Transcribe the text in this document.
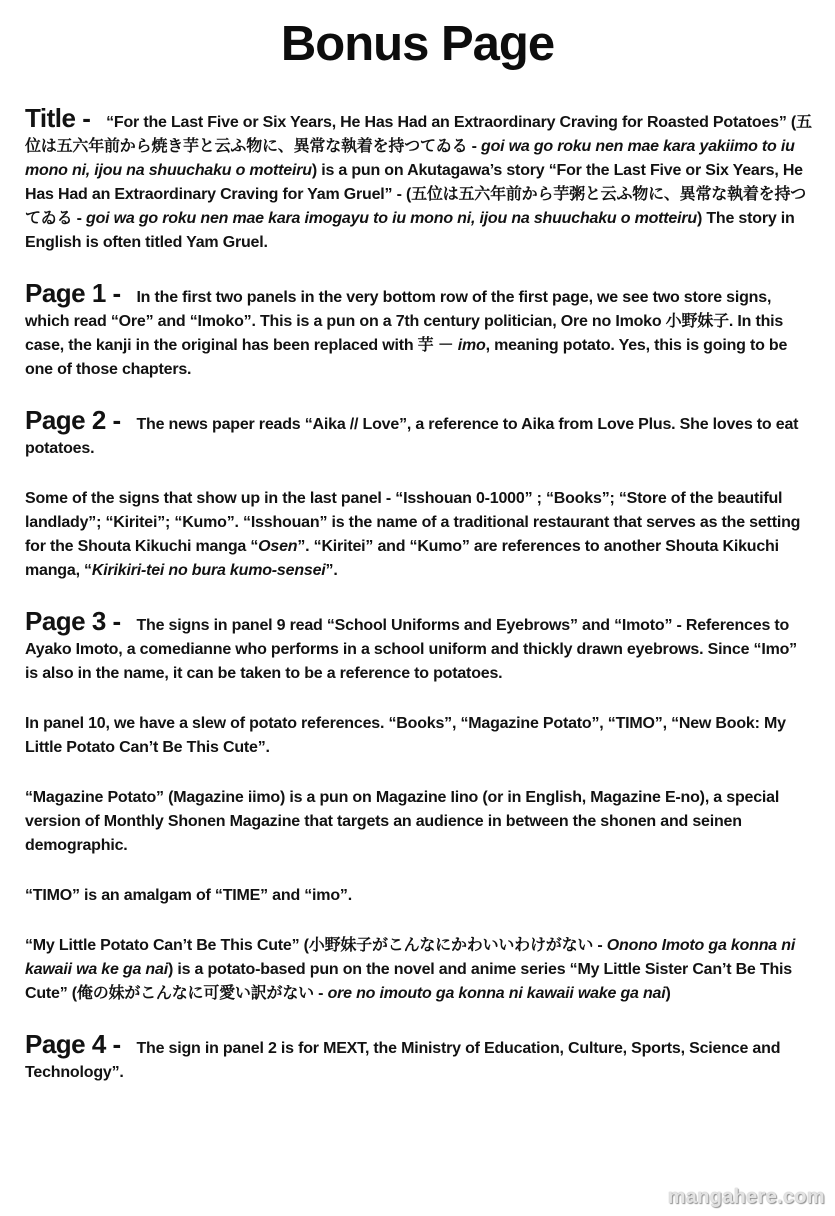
Bonus Page

Title - “For the Last Five or Six Years, He Has Had an Extraordinary Craving for Roasted Potatoes” (五位は五六年前から焼き芋と云ふ物に、異常な執着を持つてゐる - goi wa go roku nen mae kara yakiimo to iu mono ni, ijou na shuuchaku o motteiru) is a pun on Akutagawa’s story “For the Last Five or Six Years, He Has Had an Extraordinary Craving for Yam Gruel” - (五位は五六年前から芋粥と云ふ物に、異常な執着を持つてゐる - goi wa go roku nen mae kara imogayu to iu mono ni, ijou na shuuchaku o motteiru) The story in English is often titled Yam Gruel.

Page 1 - In the first two panels in the very bottom row of the first page, we see two store signs, which read “Ore” and “Imoko”. This is a pun on a 7th century politician, Ore no Imoko 小野妹子. In this case, the kanji in the original has been replaced with 芋 － imo, meaning potato. Yes, this is going to be one of those chapters.

Page 2 - The news paper reads “Aika // Love”, a reference to Aika from Love Plus. She loves to eat potatoes.

Some of the signs that show up in the last panel - “Isshouan 0-1000” ; “Books”; “Store of the beautiful landlady”; “Kiritei”; “Kumo”. “Isshouan” is the name of a traditional restaurant that serves as the setting for the Shouta Kikuchi manga “Osen”. “Kiritei” and “Kumo” are references to another Shouta Kikuchi manga, “Kirikiri-tei no bura kumo-sensei”.

Page 3 - The signs in panel 9 read “School Uniforms and Eyebrows” and “Imoto” - References to Ayako Imoto, a comedianne who performs in a school uniform and thickly drawn eyebrows. Since “Imo” is also in the name, it can be taken to be a reference to potatoes.

In panel 10, we have a slew of potato references. “Books”, “Magazine Potato”, “TIMO”, “New Book: My Little Potato Can’t Be This Cute”.

“Magazine Potato” (Magazine iimo) is a pun on Magazine Iino (or in English, Magazine E-no), a special version of Monthly Shonen Magazine that targets an audience in between the shonen and seinen demographic.

“TIMO” is an amalgam of “TIME” and “imo”.

“My Little Potato Can’t Be This Cute” (小野妹子がこんなにかわいいわけがない - Onono Imoto ga konna ni kawaii wa ke ga nai) is a potato-based pun on the novel and anime series “My Little Sister Can’t Be This Cute” (俺の妹がこんなに可愛い訳がない - ore no imouto ga konna ni kawaii wake ga nai)

Page 4 - The sign in panel 2 is for MEXT, the Ministry of Education, Culture, Sports, Science and Technology”.

mangahere.com
